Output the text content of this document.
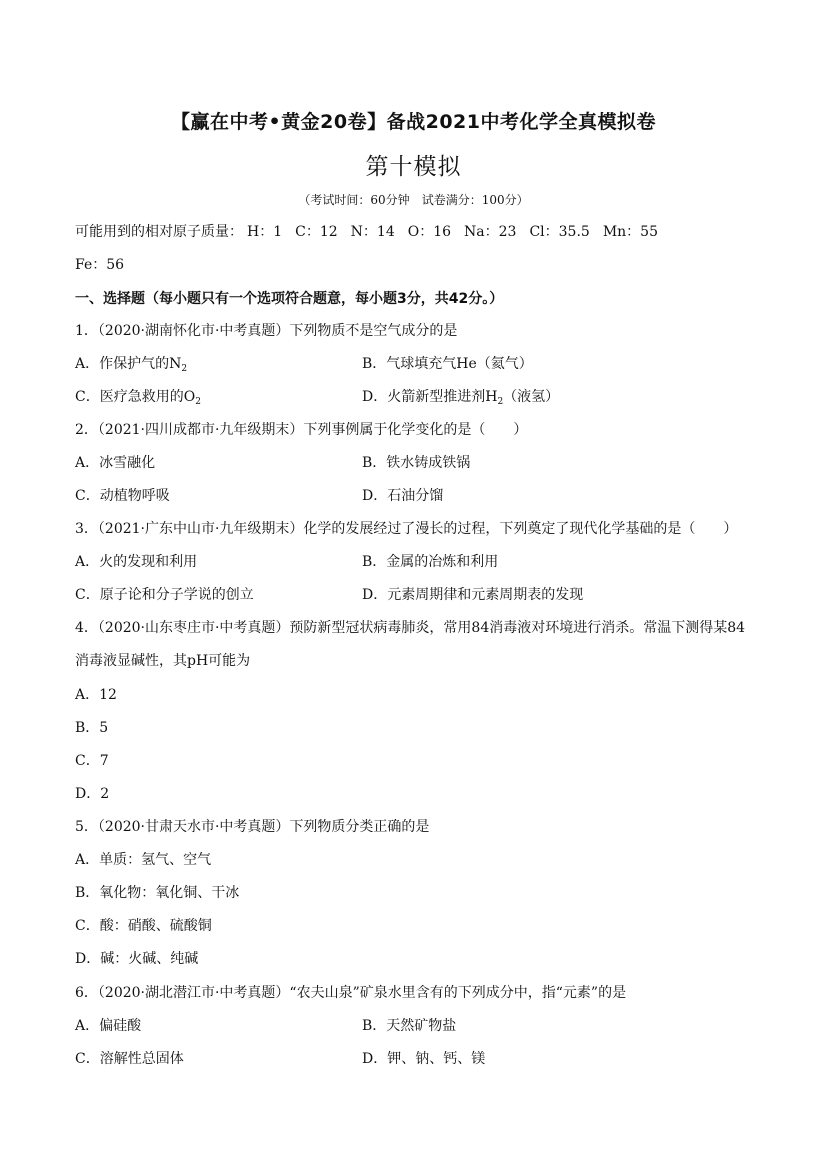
【赢在中考•黄金20卷】备战2021中考化学全真模拟卷
第十模拟
（考试时间：60分钟 试卷满分：100分）
可能用到的相对原子质量： H：1 C：12 N：14 O：16 Na：23 Cl：35.5 Mn：55
Fe：56
一、选择题（每小题只有一个选项符合题意，每小题3分，共42分。）
1．（2020·湖南怀化市·中考真题）下列物质不是空气成分的是
A．作保护气的$N_2$	B．气球填充气He（氦气）
C．医疗急救用的$O_2$	D．火箭新型推进剂$H_2$（液氢）
2．（2021·四川成都市·九年级期末）下列事例属于化学变化的是（　　）
A．冰雪融化	B．铁水铸成铁锅
C．动植物呼吸	D．石油分馏
3．（2021·广东中山市·九年级期末）化学的发展经过了漫长的过程，下列奠定了现代化学基础的是（　　）
A．火的发现和利用	B．金属的冶炼和利用
C．原子论和分子学说的创立	D．元素周期律和元素周期表的发现
4．（2020·山东枣庄市·中考真题）预防新型冠状病毒肺炎，常用84消毒液对环境进行消杀。常温下测得某84
消毒液显碱性，其pH可能为
A．12
B．5
C．7
D．2
5．（2020·甘肃天水市·中考真题）下列物质分类正确的是
A．单质：氢气、空气
B．氧化物：氧化铜、干冰
C．酸：硝酸、硫酸铜
D．碱：火碱、纯碱
6．（2020·湖北潜江市·中考真题）“农夫山泉”矿泉水里含有的下列成分中，指“元素”的是
A．偏硅酸	B．天然矿物盐
C．溶解性总固体	D．钾、钠、钙、镁
